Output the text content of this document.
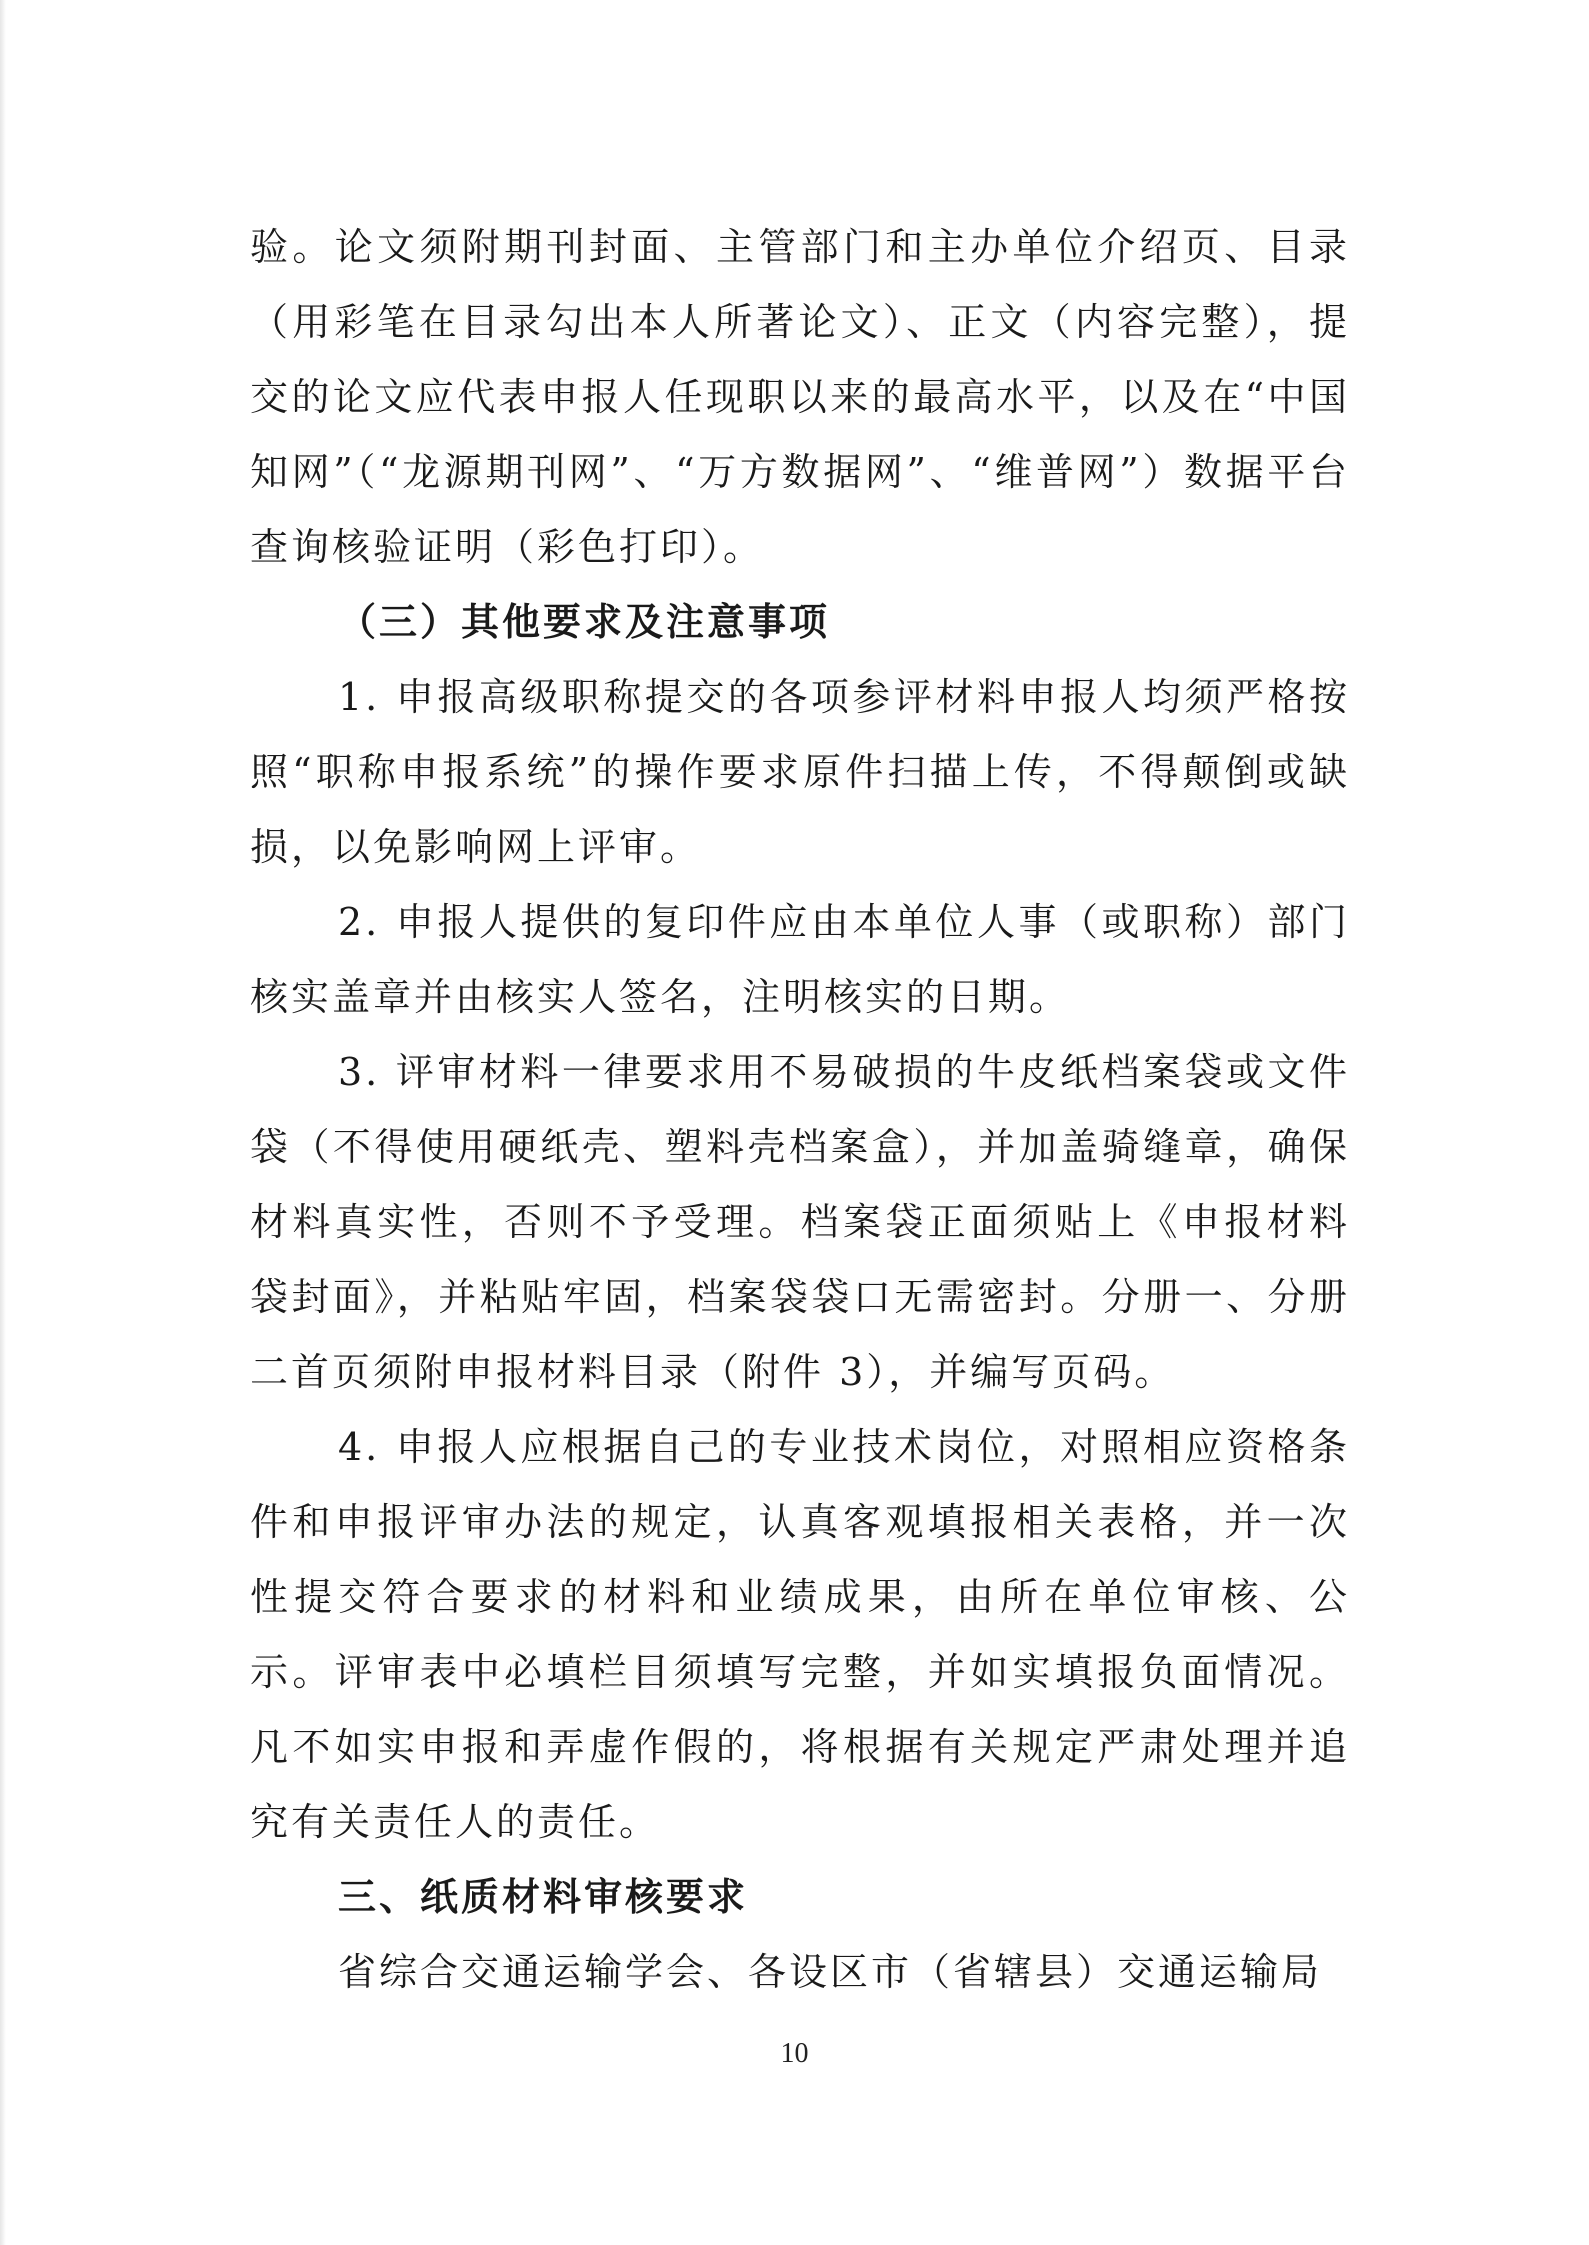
验。论文须附期刊封面、主管部门和主办单位介绍页、目录（用彩笔在目录勾出本人所著论文）、正文（内容完整），提交的论文应代表申报人任现职以来的最高水平，以及在“中国知网”（“龙源期刊网”、“万方数据网”、“维普网”）数据平台查询核验证明（彩色打印）。

（三）其他要求及注意事项

1. 申报高级职称提交的各项参评材料申报人均须严格按照“职称申报系统”的操作要求原件扫描上传，不得颠倒或缺损，以免影响网上评审。

2. 申报人提供的复印件应由本单位人事（或职称）部门核实盖章并由核实人签名，注明核实的日期。

3. 评审材料一律要求用不易破损的牛皮纸档案袋或文件袋（不得使用硬纸壳、塑料壳档案盒），并加盖骑缝章，确保材料真实性，否则不予受理。档案袋正面须贴上《申报材料袋封面》，并粘贴牢固，档案袋袋口无需密封。分册一、分册二首页须附申报材料目录（附件 3），并编写页码。

4. 申报人应根据自己的专业技术岗位，对照相应资格条件和申报评审办法的规定，认真客观填报相关表格，并一次性提交符合要求的材料和业绩成果，由所在单位审核、公示。评审表中必填栏目须填写完整，并如实填报负面情况。凡不如实申报和弄虚作假的，将根据有关规定严肃处理并追究有关责任人的责任。

三、纸质材料审核要求

省综合交通运输学会、各设区市（省辖县）交通运输局

10
